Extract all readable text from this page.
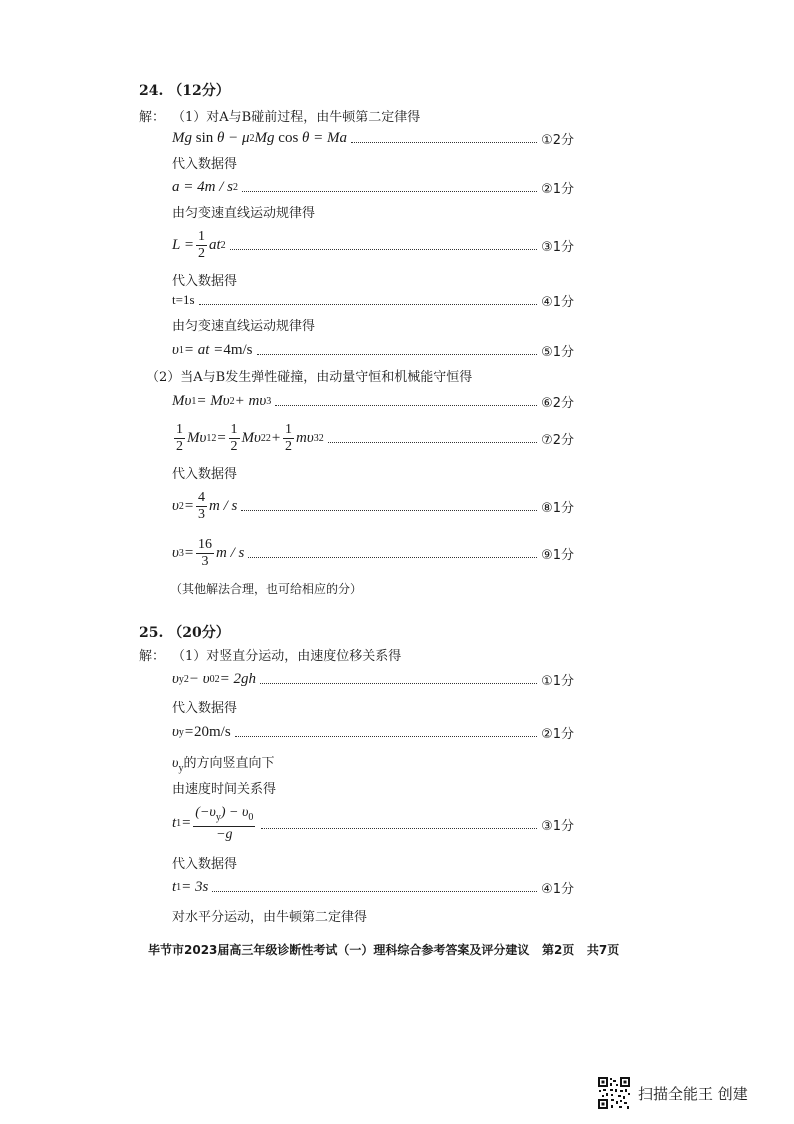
24. （12分）
解： （1）对A与B碰前过程，由牛顿第二定律得
Mg sin θ − μ 2 Mg cos θ = Ma	①2分
代入数据得
a = 4m / s 2	②1分
由匀变速直线运动规律得
$L = \frac{1}{2}$ at 2	③1分
代入数据得
t=1s	④1分
由匀变速直线运动规律得
υ 1 = at = 4m/s	⑤1分
（2）当A与B发生弹性碰撞，由动量守恒和机械能守恒得
Mυ 1 = Mυ 2 + mυ 3	⑥2分
$\frac{1}{2}$ Mυ 1 $2 = \frac{1}{2}$ Mυ 2 $2 + \frac{1}{2}$ mυ 3 2	⑦2分
代入数据得
υ $2 = \frac{4}{3}$ m / s	⑧1分
υ $3 = \frac{16}{3}$ m / s	⑨1分
（其他解法合理，也可给相应的分）
25. （20分）
解： （1）对竖直分运动，由速度位移关系得
υ y 2 − υ 0 2 = 2gh	①1分
代入数据得
υ y = 20m/s	②1分
$\upsilon_y$的方向竖直向下
由速度时间关系得
t $1 = \frac{(-\upsilon_y) - \upsilon_0}{-g}$	③1分
代入数据得
t 1 = 3s	④1分
对水平分运动，由牛顿第二定律得
毕节市2023届高三年级诊断性考试（一）理科综合参考答案及评分建议 第2页 共7页
扫描全能王 创建
